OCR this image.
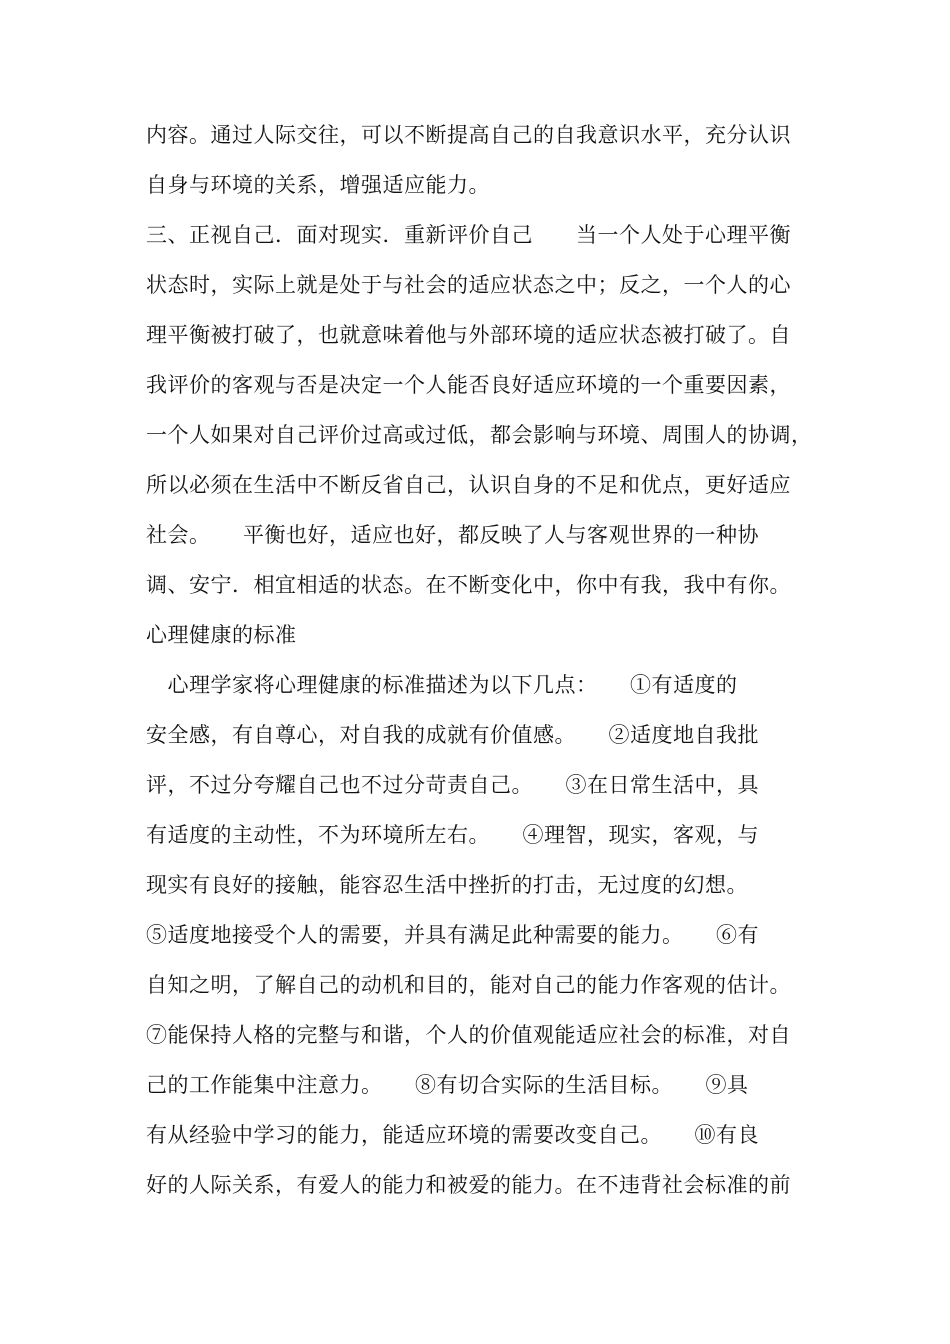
内容。通过人际交往，可以不断提高自己的自我意识水平，充分认识
自身与环境的关系，增强适应能力。
三、正视自己．面对现实．重新评价自己　　当一个人处于心理平衡
状态时，实际上就是处于与社会的适应状态之中；反之，一个人的心
理平衡被打破了，也就意味着他与外部环境的适应状态被打破了。自
我评价的客观与否是决定一个人能否良好适应环境的一个重要因素，
一个人如果对自己评价过高或过低，都会影响与环境、周围人的协调，
所以必须在生活中不断反省自己，认识自身的不足和优点，更好适应
社会。　　平衡也好，适应也好，都反映了人与客观世界的一种协
调、安宁．相宜相适的状态。在不断变化中，你中有我，我中有你。
心理健康的标准
　心理学家将心理健康的标准描述为以下几点：　　①有适度的
安全感，有自尊心，对自我的成就有价值感。　　②适度地自我批
评，不过分夸耀自己也不过分苛责自己。　　③在日常生活中，具
有适度的主动性，不为环境所左右。　　④理智，现实，客观，与
现实有良好的接触，能容忍生活中挫折的打击，无过度的幻想。
⑤适度地接受个人的需要，并具有满足此种需要的能力。　　⑥有
自知之明，了解自己的动机和目的，能对自己的能力作客观的估计。
⑦能保持人格的完整与和谐，个人的价值观能适应社会的标准，对自
己的工作能集中注意力。　　⑧有切合实际的生活目标。　　⑨具
有从经验中学习的能力，能适应环境的需要改变自己。　　⑩有良
好的人际关系，有爱人的能力和被爱的能力。在不违背社会标准的前
